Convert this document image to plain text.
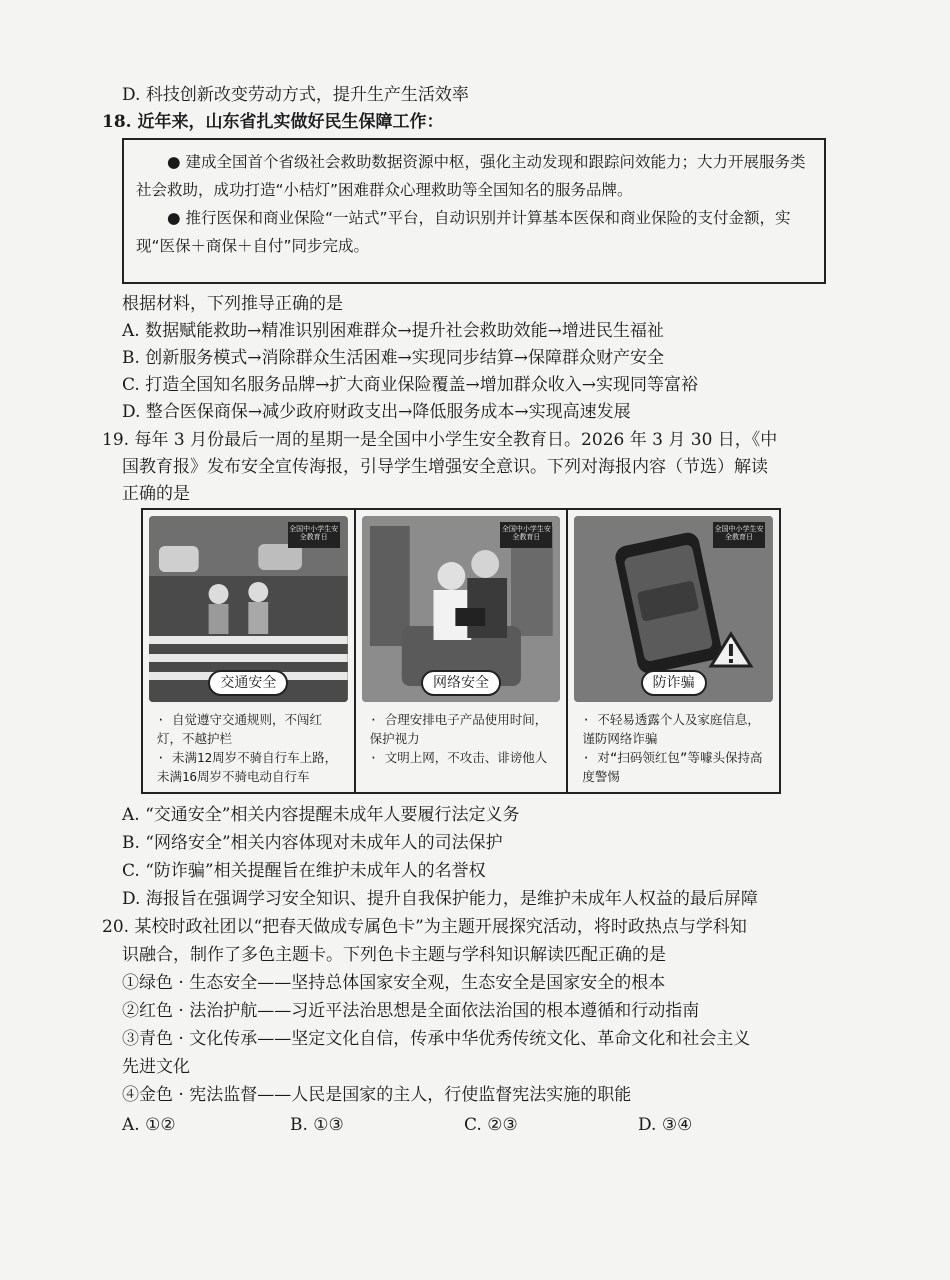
D. 科技创新改变劳动方式，提升生产生活效率
18. 近年来，山东省扎实做好民生保障工作：

● 建成全国首个省级社会救助数据资源中枢，强化主动发现和跟踪问效能力；大力开展服务类社会救助，成功打造“小桔灯”困难群众心理救助等全国知名的服务品牌。

● 推行医保和商业保险“一站式”平台，自动识别并计算基本医保和商业保险的支付金额，实现“医保＋商保＋自付”同步完成。

根据材料，下列推导正确的是
A. 数据赋能救助→精准识别困难群众→提升社会救助效能→增进民生福祉
B. 创新服务模式→消除群众生活困难→实现同步结算→保障群众财产安全
C. 打造全国知名服务品牌→扩大商业保险覆盖→增加群众收入→实现同等富裕
D. 整合医保商保→减少政府财政支出→降低服务成本→实现高速发展
19. 每年 3 月份最后一周的星期一是全国中小学生安全教育日。2026 年 3 月 30 日，《中
国教育报》发布安全宣传海报，引导学生增强安全意识。下列对海报内容（节选）解读
正确的是
全国中小学生安全教育日
交通安全
· 自觉遵守交通规则，不闯红灯，不越护栏
· 未满12周岁不骑自行车上路，未满16周岁不骑电动自行车
全国中小学生安全教育日
网络安全
· 合理安排电子产品使用时间，保护视力
· 文明上网，不攻击、诽谤他人
全国中小学生安全教育日
防诈骗
· 不轻易透露个人及家庭信息，谨防网络诈骗
· 对“扫码领红包”等噱头保持高度警惕
A. “交通安全”相关内容提醒未成年人要履行法定义务
B. “网络安全”相关内容体现对未成年人的司法保护
C. “防诈骗”相关提醒旨在维护未成年人的名誉权
D. 海报旨在强调学习安全知识、提升自我保护能力，是维护未成年人权益的最后屏障
20. 某校时政社团以“把春天做成专属色卡”为主题开展探究活动，将时政热点与学科知
识融合，制作了多色主题卡。下列色卡主题与学科知识解读匹配正确的是
①绿色 · 生态安全——坚持总体国家安全观，生态安全是国家安全的根本
②红色 · 法治护航——习近平法治思想是全面依法治国的根本遵循和行动指南
③青色 · 文化传承——坚定文化自信，传承中华优秀传统文化、革命文化和社会主义
先进文化
④金色 · 宪法监督——人民是国家的主人，行使监督宪法实施的职能
A. ①②	B. ①③	C. ②③	D. ③④
